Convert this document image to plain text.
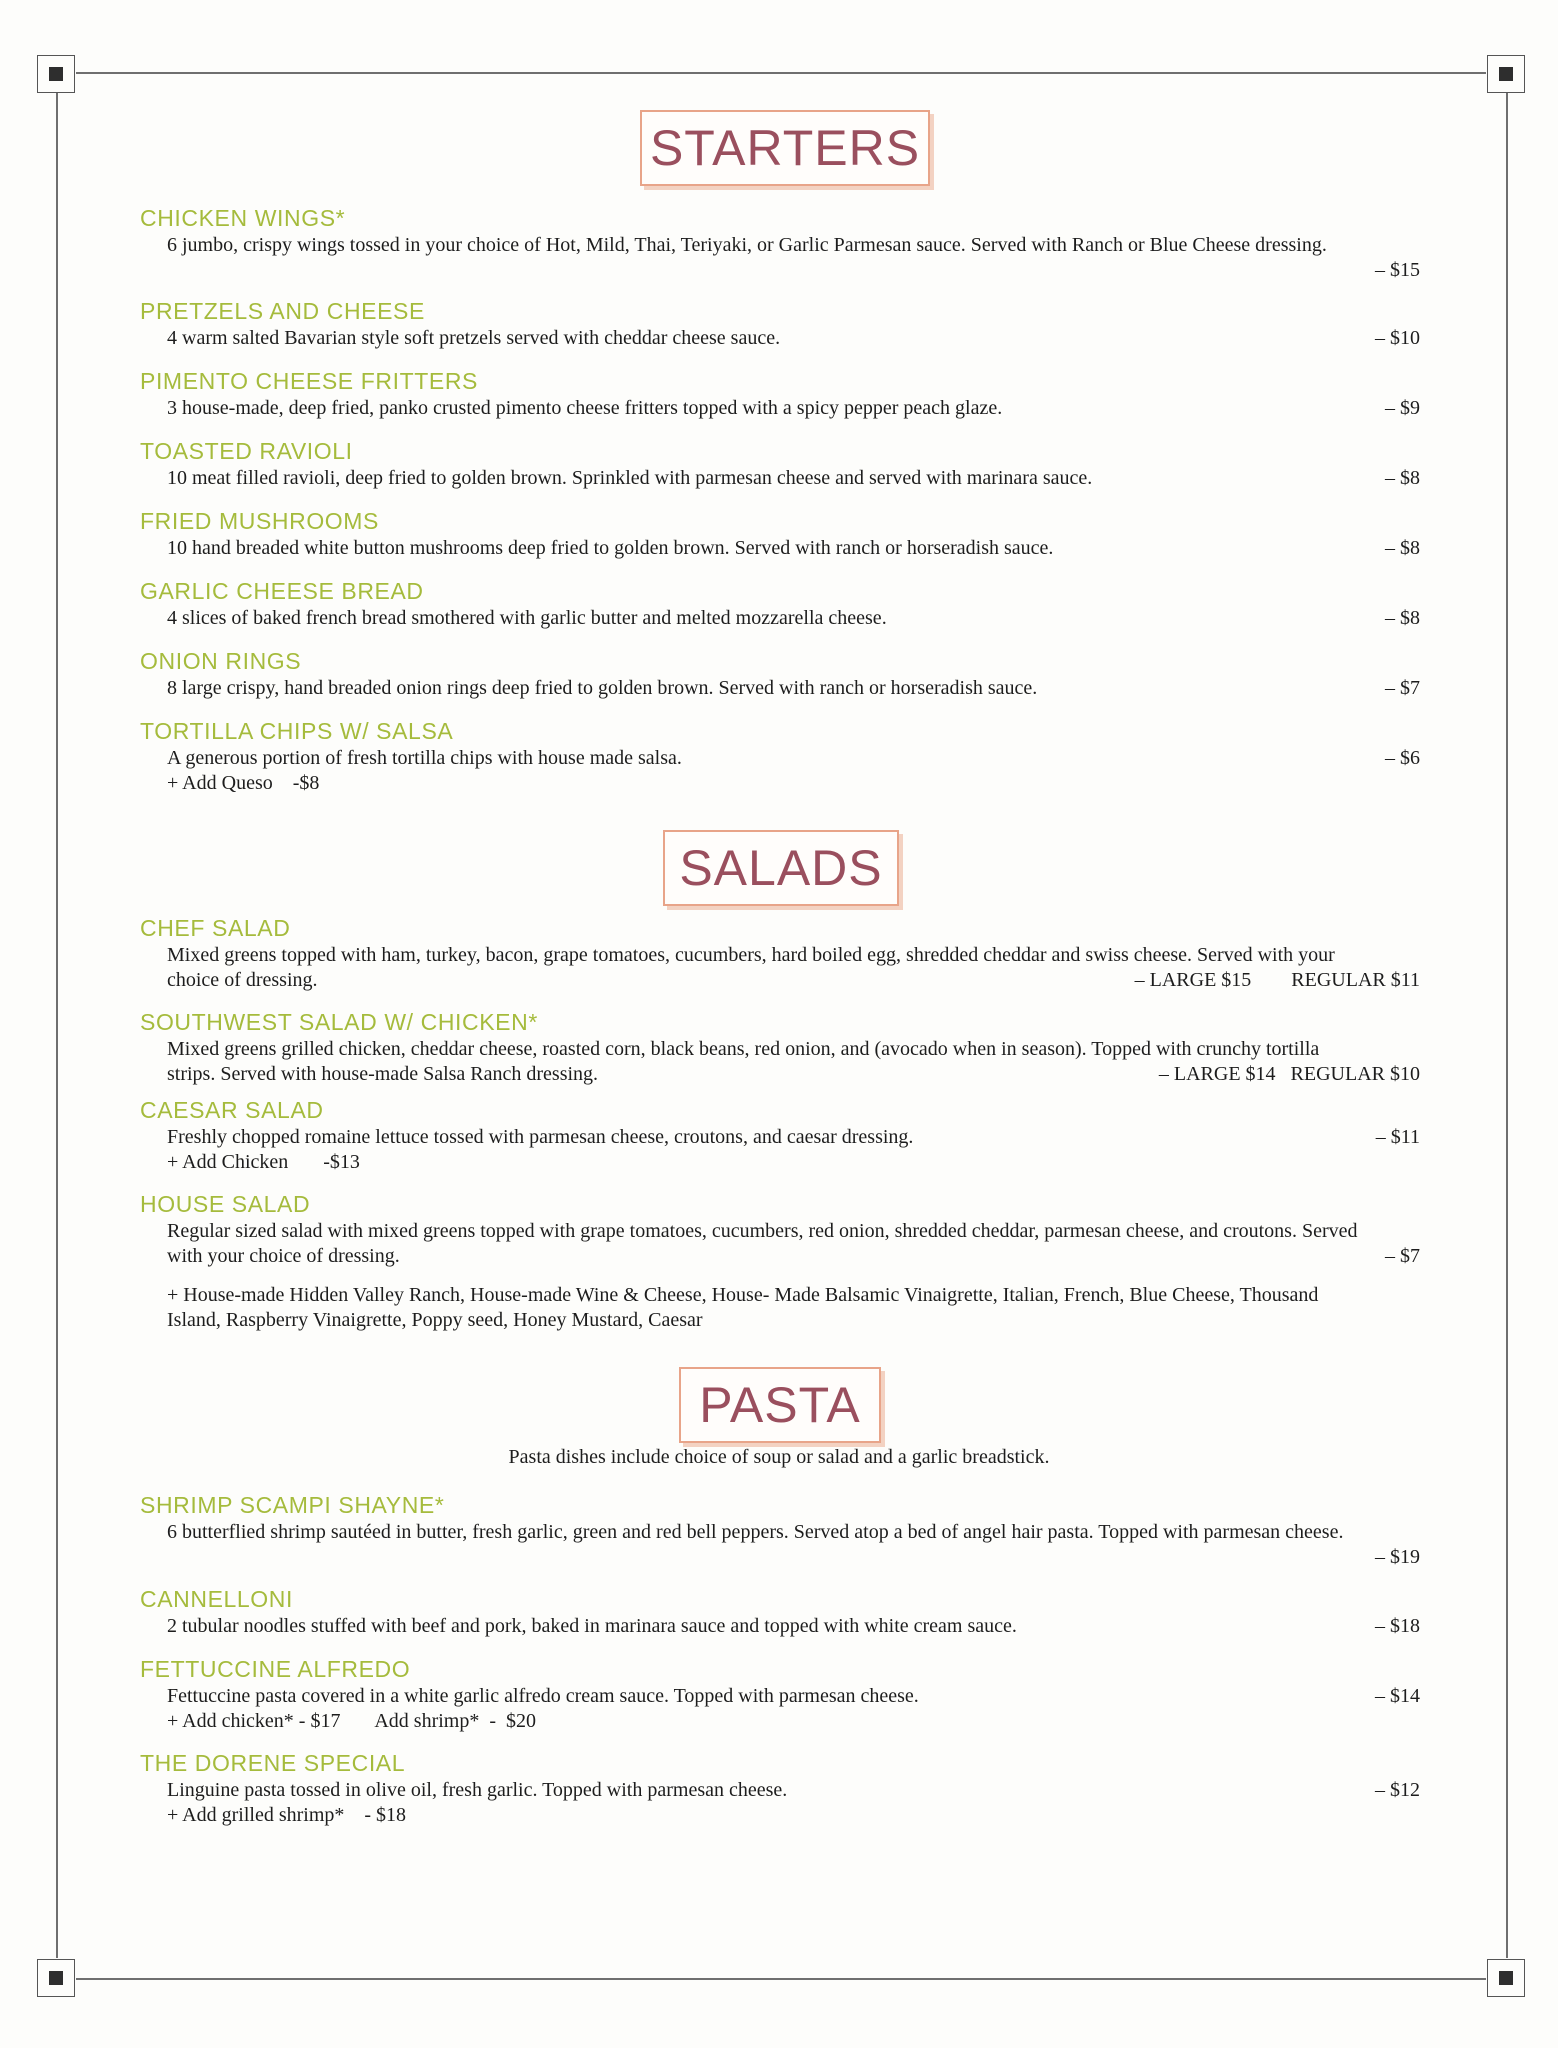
STARTERS
CHICKEN WINGS*
6 jumbo, crispy wings tossed in your choice of Hot, Mild, Thai, Teriyaki, or Garlic Parmesan sauce. Served with Ranch or Blue Cheese dressing.
– $15
PRETZELS AND CHEESE
4 warm salted Bavarian style soft pretzels served with cheddar cheese sauce.	– $10
PIMENTO CHEESE FRITTERS
3 house-made, deep fried, panko crusted pimento cheese fritters topped with a spicy pepper peach glaze.	– $9
TOASTED RAVIOLI
10 meat filled ravioli, deep fried to golden brown. Sprinkled with parmesan cheese and served with marinara sauce.	– $8
FRIED MUSHROOMS
10 hand breaded white button mushrooms deep fried to golden brown. Served with ranch or horseradish sauce.	– $8
GARLIC CHEESE BREAD
4 slices of baked french bread smothered with garlic butter and melted mozzarella cheese.	– $8
ONION RINGS
8 large crispy, hand breaded onion rings deep fried to golden brown. Served with ranch or horseradish sauce.	– $7
TORTILLA CHIPS W/ SALSA
A generous portion of fresh tortilla chips with house made salsa.
+ Add Queso    -$8
– $6
SALADS
CHEF SALAD
Mixed greens topped with ham, turkey, bacon, grape tomatoes, cucumbers, hard boiled egg, shredded cheddar and swiss cheese. Served with your choice of dressing.	– LARGE $15        REGULAR $11
SOUTHWEST SALAD W/ CHICKEN*
Mixed greens grilled chicken, cheddar cheese, roasted corn, black beans, red onion, and (avocado when in season). Topped with crunchy tortilla strips. Served with house-made Salsa Ranch dressing.	– LARGE $14   REGULAR $10
CAESAR SALAD
Freshly chopped romaine lettuce tossed with parmesan cheese, croutons, and caesar dressing.
+ Add Chicken       -$13
– $11
HOUSE SALAD
Regular sized salad with mixed greens topped with grape tomatoes, cucumbers, red onion, shredded cheddar, parmesan cheese, and croutons. Served with your choice of dressing.	– $7
+ House-made Hidden Valley Ranch, House-made Wine & Cheese, House- Made Balsamic Vinaigrette, Italian, French, Blue Cheese, Thousand Island, Raspberry Vinaigrette, Poppy seed, Honey Mustard, Caesar
PASTA
Pasta dishes include choice of soup or salad and a garlic breadstick.
SHRIMP SCAMPI SHAYNE*
6 butterflied shrimp sautéed in butter, fresh garlic, green and red bell peppers. Served atop a bed of angel hair pasta. Topped with parmesan cheese.
– $19
CANNELLONI
2 tubular noodles stuffed with beef and pork, baked in marinara sauce and topped with white cream sauce.	– $18
FETTUCCINE ALFREDO
Fettuccine pasta covered in a white garlic alfredo cream sauce. Topped with parmesan cheese.
+ Add chicken* - $17       Add shrimp*  -  $20
– $14
THE DORENE SPECIAL
Linguine pasta tossed in olive oil, fresh garlic. Topped with parmesan cheese.
+ Add grilled shrimp*    - $18
– $12
